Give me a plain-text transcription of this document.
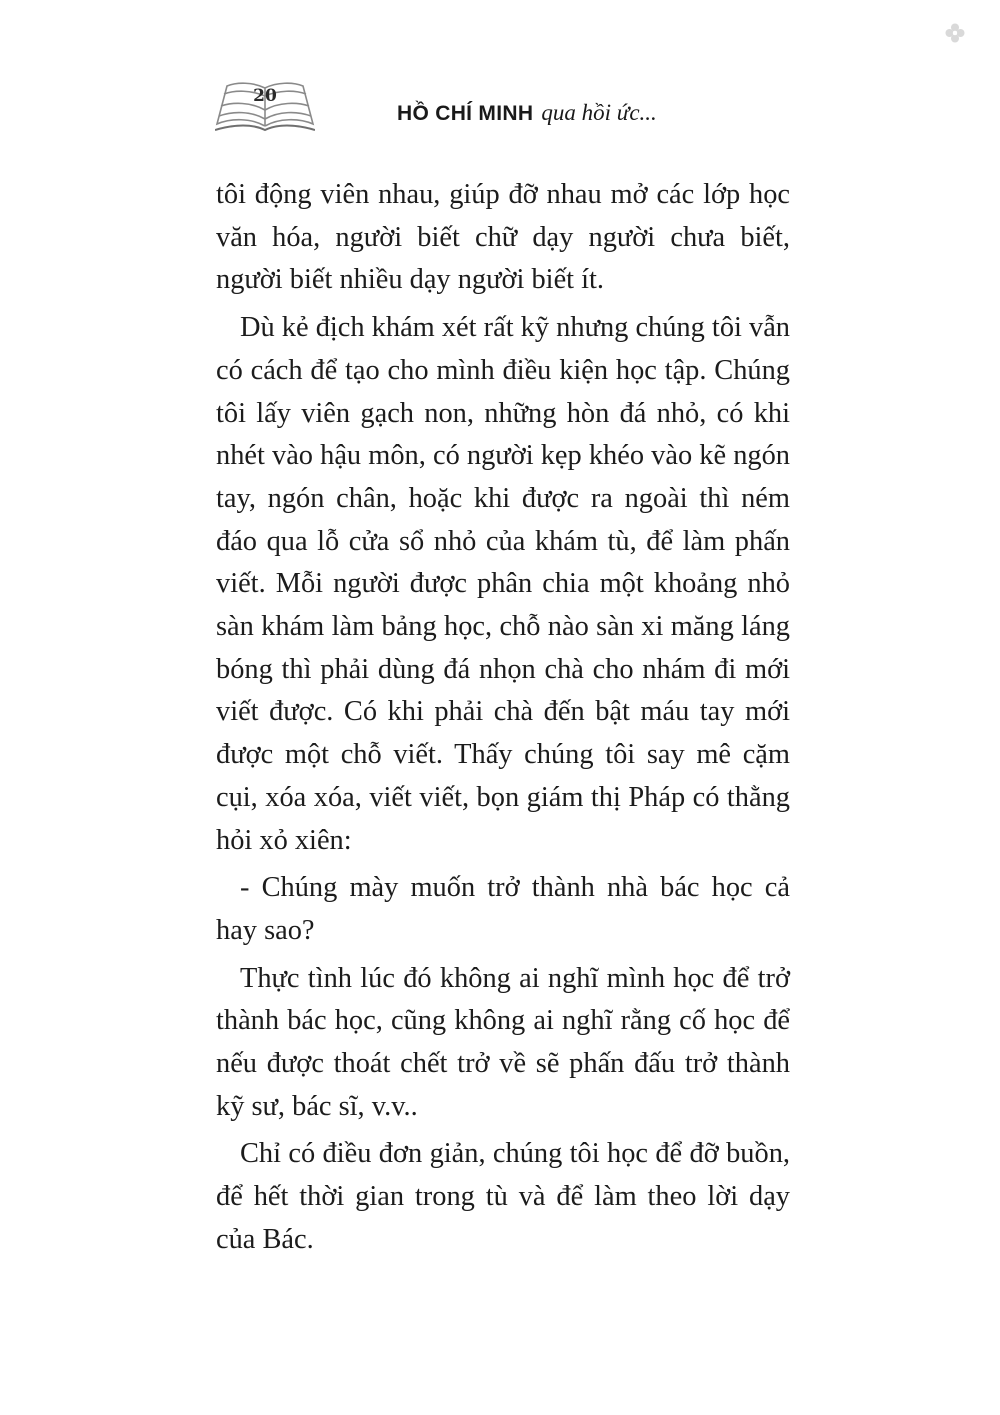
20
HỒ CHÍ MINH qua hồi ức...

tôi động viên nhau, giúp đỡ nhau mở các lớp học văn hóa, người biết chữ dạy người chưa biết, người biết nhiều dạy người biết ít.

Dù kẻ địch khám xét rất kỹ nhưng chúng tôi vẫn có cách để tạo cho mình điều kiện học tập. Chúng tôi lấy viên gạch non, những hòn đá nhỏ, có khi nhét vào hậu môn, có người kẹp khéo vào kẽ ngón tay, ngón chân, hoặc khi được ra ngoài thì ném đáo qua lỗ cửa sổ nhỏ của khám tù, để làm phấn viết. Mỗi người được phân chia một khoảng nhỏ sàn khám làm bảng học, chỗ nào sàn xi măng láng bóng thì phải dùng đá nhọn chà cho nhám đi mới viết được. Có khi phải chà đến bật máu tay mới được một chỗ viết. Thấy chúng tôi say mê cặm cụi, xóa xóa, viết viết, bọn giám thị Pháp có thằng hỏi xỏ xiên:

- Chúng mày muốn trở thành nhà bác học cả hay sao?

Thực tình lúc đó không ai nghĩ mình học để trở thành bác học, cũng không ai nghĩ rằng cố học để nếu được thoát chết trở về sẽ phấn đấu trở thành kỹ sư, bác sĩ, v.v..

Chỉ có điều đơn giản, chúng tôi học để đỡ buồn, để hết thời gian trong tù và để làm theo lời dạy của Bác.
